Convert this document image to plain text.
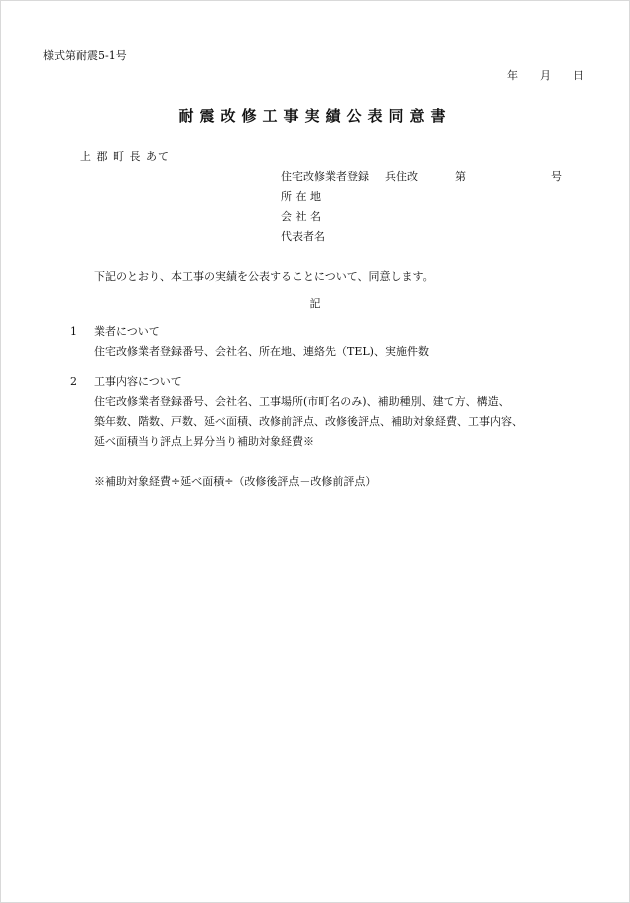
様式第耐震5-1号
年 月 日
耐震改修工事実績公表同意書
上 郡 町 長 あて
住宅改修業者登録 兵住改	第	号
所 在 地
会 社 名
代表者名
下記のとおり、本工事の実績を公表することについて、同意します。
記
1 業者について
住宅改修業者登録番号、会社名、所在地、連絡先（TEL)、実施件数
2 工事内容について
住宅改修業者登録番号、会社名、工事場所(市町名のみ)、補助種別、建て方、構造、
築年数、階数、戸数、延べ面積、改修前評点、改修後評点、補助対象経費、工事内容、
延べ面積当り評点上昇分当り補助対象経費※
※補助対象経費÷延べ面積÷（改修後評点－改修前評点）
